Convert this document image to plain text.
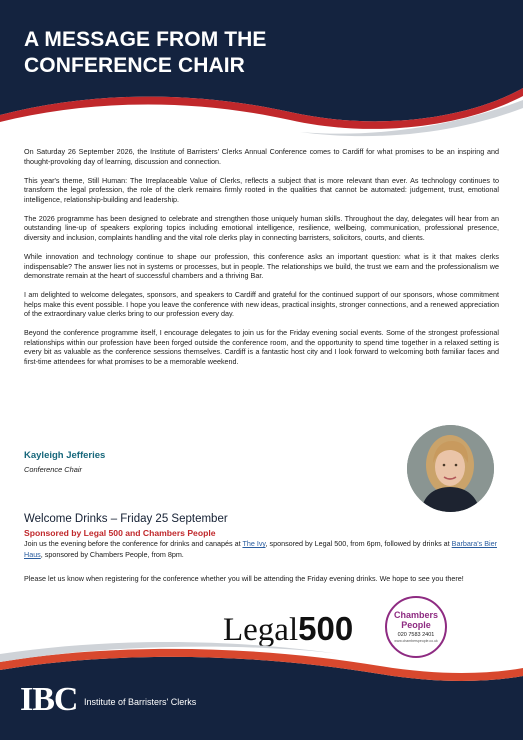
A MESSAGE FROM THE
CONFERENCE CHAIR

On Saturday 26 September 2026, the Institute of Barristers' Clerks Annual Conference comes to Cardiff for what promises to be an inspiring and thought-provoking day of learning, discussion and connection.

This year's theme, Still Human: The Irreplaceable Value of Clerks, reflects a subject that is more relevant than ever. As technology continues to transform the legal profession, the role of the clerk remains firmly rooted in the qualities that cannot be automated: judgement, trust, emotional intelligence, relationship-building and leadership.

The 2026 programme has been designed to celebrate and strengthen those uniquely human skills. Throughout the day, delegates will hear from an outstanding line-up of speakers exploring topics including emotional intelligence, resilience, wellbeing, communication, professional presence, diversity and inclusion, complaints handling and the vital role clerks play in connecting barristers, solicitors, courts, and clients.

While innovation and technology continue to shape our profession, this conference asks an important question: what is it that makes clerks indispensable? The answer lies not in systems or processes, but in people. The relationships we build, the trust we earn and the professionalism we demonstrate remain at the heart of successful chambers and a thriving Bar.

I am delighted to welcome delegates, sponsors, and speakers to Cardiff and grateful for the continued support of our sponsors, whose commitment helps make this event possible. I hope you leave the conference with new ideas, practical insights, stronger connections, and a renewed appreciation of the extraordinary value clerks bring to our profession every day.

Beyond the conference programme itself, I encourage delegates to join us for the Friday evening social events. Some of the strongest professional relationships within our profession have been forged outside the conference room, and the opportunity to spend time together in a relaxed setting is every bit as valuable as the conference sessions themselves. Cardiff is a fantastic host city and I look forward to welcoming both familiar faces and first-time attendees for what promises to be a memorable weekend.

Kayleigh Jefferies
Conference Chair
Welcome Drinks – Friday 25 September
Sponsored by Legal 500 and Chambers People
Join us the evening before the conference for drinks and canapés at The Ivy, sponsored by Legal 500, from 6pm, followed by drinks at Barbara's Bier Haus, sponsored by Chambers People, from 8pm.
Please let us know when registering for the conference whether you will be attending the Friday evening drinks. We hope to see you there!
Legal500	Chambers
People
020 7583 2401
www.chamberspeople.co.uk
IBC Institute of Barristers' Clerks
